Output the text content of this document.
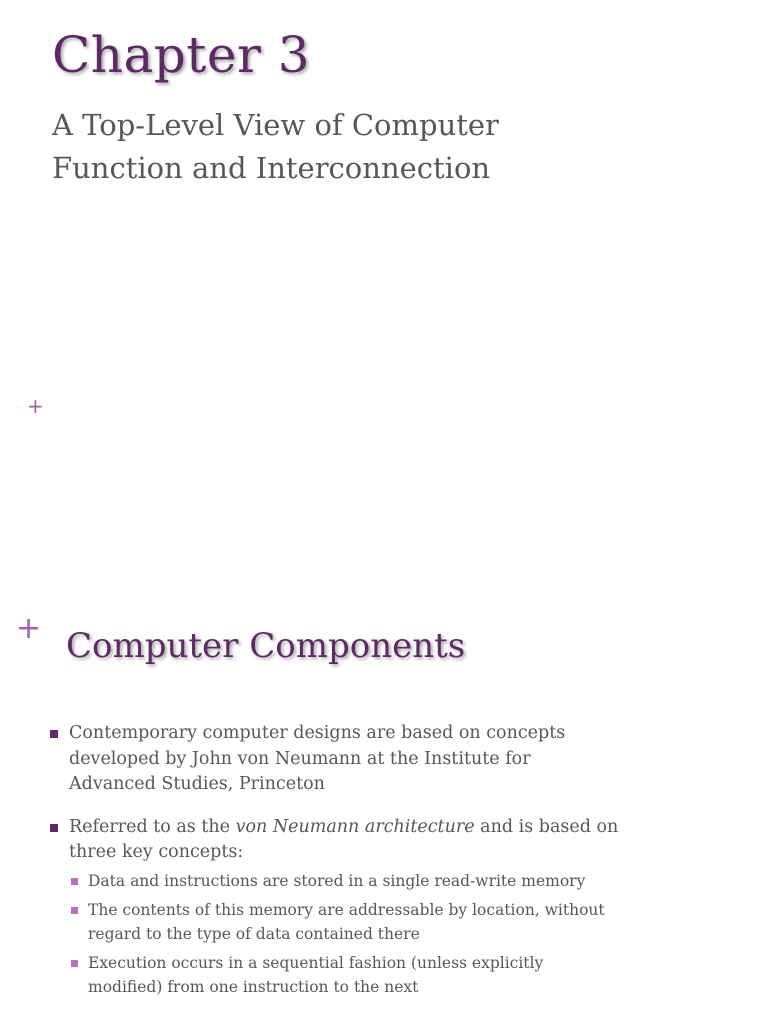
Chapter 3

A Top-Level View of Computer
Function and Interconnection

+
+ Computer Components
Contemporary computer designs are based on concepts
developed by John von Neumann at the Institute for
Advanced Studies, Princeton
Referred to as the von Neumann architecture and is based on
three key concepts:
Data and instructions are stored in a single read-write memory
The contents of this memory are addressable by location, without
regard to the type of data contained there
Execution occurs in a sequential fashion (unless explicitly
modified) from one instruction to the next
